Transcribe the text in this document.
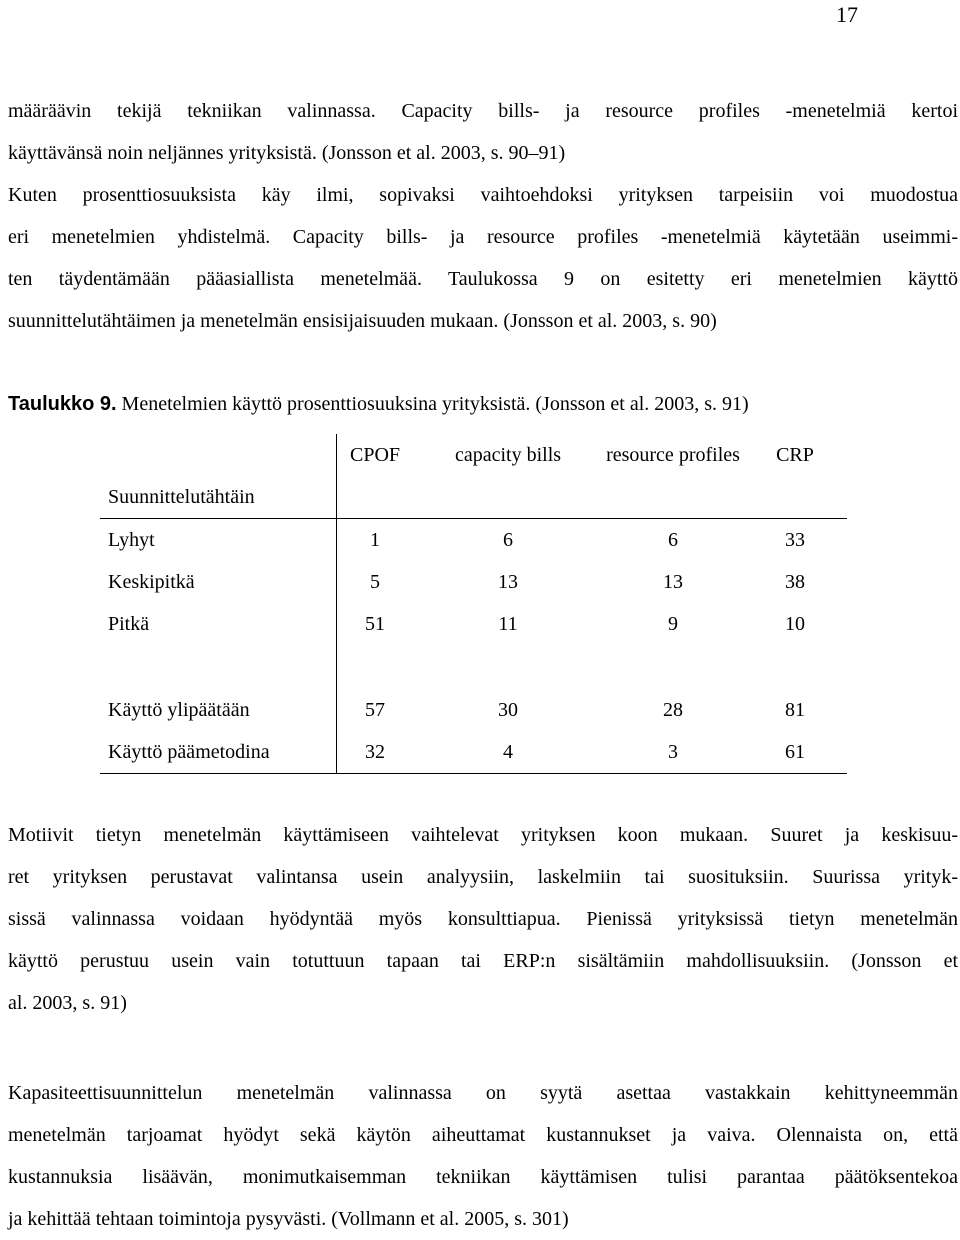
17
määräävin tekijä tekniikan valinnassa. Capacity bills- ja resource profiles -menetelmiä kertoi
käyttävänsä noin neljännes yrityksistä. (Jonsson et al. 2003, s. 90–91)
Kuten prosenttiosuuksista käy ilmi, sopivaksi vaihtoehdoksi yrityksen tarpeisiin voi muodostua
eri menetelmien yhdistelmä. Capacity bills- ja resource profiles -menetelmiä käytetään useimmi-
ten täydentämään pääasiallista menetelmää. Taulukossa 9 on esitetty eri menetelmien käyttö
suunnittelutähtäimen ja menetelmän ensisijaisuuden mukaan. (Jonsson et al. 2003, s. 90)
Taulukko 9. Menetelmien käyttö prosenttiosuuksina yrityksistä. (Jonsson et al. 2003, s. 91)
	CPOF	capacity bills	resource profiles	CRP
Suunnittelutähtäin				
Lyhyt	1	6	6	33
Keskipitkä	5	13	13	38
Pitkä	51	11	9	10

Käyttö ylipäätään	57	30	28	81
Käyttö päämetodina	32	4	3	61
Motiivit tietyn menetelmän käyttämiseen vaihtelevat yrityksen koon mukaan. Suuret ja keskisuu-
ret yrityksen perustavat valintansa usein analyysiin, laskelmiin tai suosituksiin. Suurissa yrityk-
sissä valinnassa voidaan hyödyntää myös konsulttiapua. Pienissä yrityksissä tietyn menetelmän
käyttö perustuu usein vain totuttuun tapaan tai ERP:n sisältämiin mahdollisuuksiin. (Jonsson et
al. 2003, s. 91)
Kapasiteettisuunnittelun menetelmän valinnassa on syytä asettaa vastakkain kehittyneemmän
menetelmän tarjoamat hyödyt sekä käytön aiheuttamat kustannukset ja vaiva. Olennaista on, että
kustannuksia lisäävän, monimutkaisemman tekniikan käyttämisen tulisi parantaa päätöksentekoa
ja kehittää tehtaan toimintoja pysyvästi. (Vollmann et al. 2005, s. 301)
